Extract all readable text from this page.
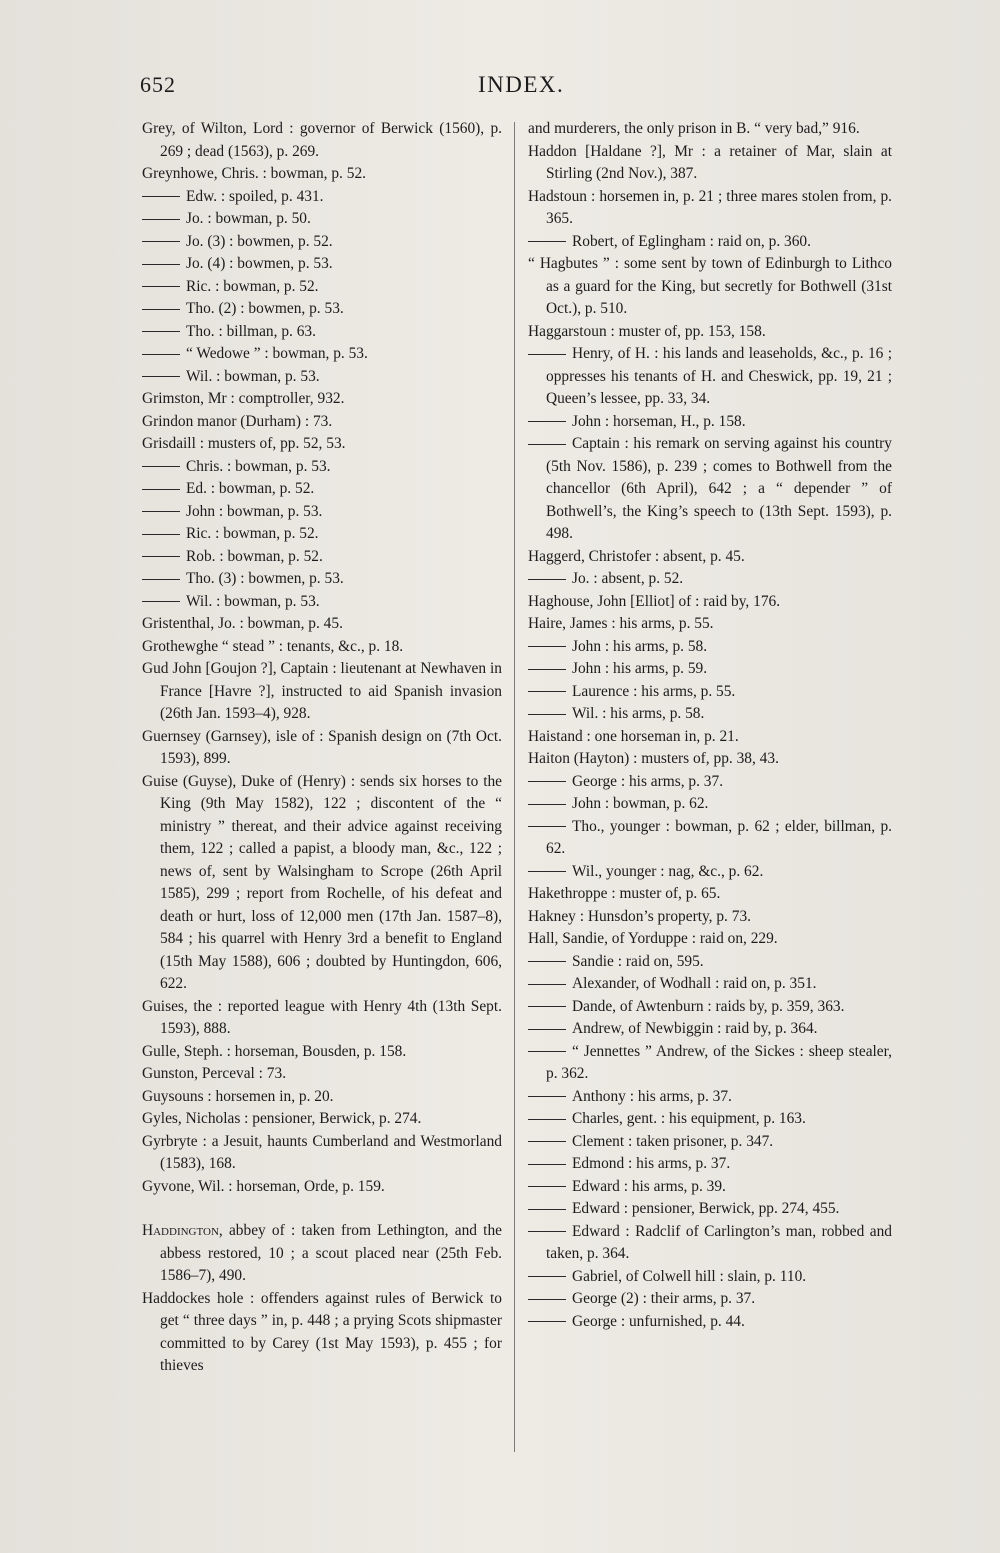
652	INDEX.

Grey, of Wilton, Lord : governor of Berwick (1560), p. 269 ; dead (1563), p. 269.

Greynhowe, Chris. : bowman, p. 52.

Edw. : spoiled, p. 431.

Jo. : bowman, p. 50.

Jo. (3) : bowmen, p. 52.

Jo. (4) : bowmen, p. 53.

Ric. : bowman, p. 52.

Tho. (2) : bowmen, p. 53.

Tho. : billman, p. 63.

“ Wedowe ” : bowman, p. 53.

Wil. : bowman, p. 53.

Grimston, Mr : comptroller, 932.

Grindon manor (Durham) : 73.

Grisdaill : musters of, pp. 52, 53.

Chris. : bowman, p. 53.

Ed. : bowman, p. 52.

John : bowman, p. 53.

Ric. : bowman, p. 52.

Rob. : bowman, p. 52.

Tho. (3) : bowmen, p. 53.

Wil. : bowman, p. 53.

Gristenthal, Jo. : bowman, p. 45.

Grothewghe “ stead ” : tenants, &c., p. 18.

Gud John [Goujon ?], Captain : lieutenant at Newhaven in France [Havre ?], instructed to aid Spanish invasion (26th Jan. 1593–4), 928.

Guernsey (Garnsey), isle of : Spanish design on (7th Oct. 1593), 899.

Guise (Guyse), Duke of (Henry) : sends six horses to the King (9th May 1582), 122 ; discontent of the “ ministry ” thereat, and their advice against receiving them, 122 ; called a papist, a bloody man, &c., 122 ; news of, sent by Walsingham to Scrope (26th April 1585), 299 ; report from Rochelle, of his defeat and death or hurt, loss of 12,000 men (17th Jan. 1587–8), 584 ; his quarrel with Henry 3rd a benefit to England (15th May 1588), 606 ; doubted by Huntingdon, 606, 622.

Guises, the : reported league with Henry 4th (13th Sept. 1593), 888.

Gulle, Steph. : horseman, Bousden, p. 158.

Gunston, Perceval : 73.

Guysouns : horsemen in, p. 20.

Gyles, Nicholas : pensioner, Berwick, p. 274.

Gyrbryte : a Jesuit, haunts Cumberland and Westmorland (1583), 168.

Gyvone, Wil. : horseman, Orde, p. 159.

Haddington, abbey of : taken from Lethington, and the abbess restored, 10 ; a scout placed near (25th Feb. 1586–7), 490.

Haddockes hole : offenders against rules of Berwick to get “ three days ” in, p. 448 ; a prying Scots shipmaster committed to by Carey (1st May 1593), p. 455 ; for thieves

and murderers, the only prison in B. “ very bad,” 916.

Haddon [Haldane ?], Mr : a retainer of Mar, slain at Stirling (2nd Nov.), 387.

Hadstoun : horsemen in, p. 21 ; three mares stolen from, p. 365.

Robert, of Eglingham : raid on, p. 360.

“ Hagbutes ” : some sent by town of Edinburgh to Lithco as a guard for the King, but secretly for Bothwell (31st Oct.), p. 510.

Haggarstoun : muster of, pp. 153, 158.

Henry, of H. : his lands and leaseholds, &c., p. 16 ; oppresses his tenants of H. and Cheswick, pp. 19, 21 ; Queen’s lessee, pp. 33, 34.

John : horseman, H., p. 158.

Captain : his remark on serving against his country (5th Nov. 1586), p. 239 ; comes to Bothwell from the chancellor (6th April), 642 ; a “ depender ” of Bothwell’s, the King’s speech to (13th Sept. 1593), p. 498.

Haggerd, Christofer : absent, p. 45.

Jo. : absent, p. 52.

Haghouse, John [Elliot] of : raid by, 176.

Haire, James : his arms, p. 55.

John : his arms, p. 58.

John : his arms, p. 59.

Laurence : his arms, p. 55.

Wil. : his arms, p. 58.

Haistand : one horseman in, p. 21.

Haiton (Hayton) : musters of, pp. 38, 43.

George : his arms, p. 37.

John : bowman, p. 62.

Tho., younger : bowman, p. 62 ; elder, billman, p. 62.

Wil., younger : nag, &c., p. 62.

Hakethroppe : muster of, p. 65.

Hakney : Hunsdon’s property, p. 73.

Hall, Sandie, of Yorduppe : raid on, 229.

Sandie : raid on, 595.

Alexander, of Wodhall : raid on, p. 351.

Dande, of Awtenburn : raids by, p. 359, 363.

Andrew, of Newbiggin : raid by, p. 364.

“ Jennettes ” Andrew, of the Sickes : sheep stealer, p. 362.

Anthony : his arms, p. 37.

Charles, gent. : his equipment, p. 163.

Clement : taken prisoner, p. 347.

Edmond : his arms, p. 37.

Edward : his arms, p. 39.

Edward : pensioner, Berwick, pp. 274, 455.

Edward : Radclif of Carlington’s man, robbed and taken, p. 364.

Gabriel, of Colwell hill : slain, p. 110.

George (2) : their arms, p. 37.

George : unfurnished, p. 44.
